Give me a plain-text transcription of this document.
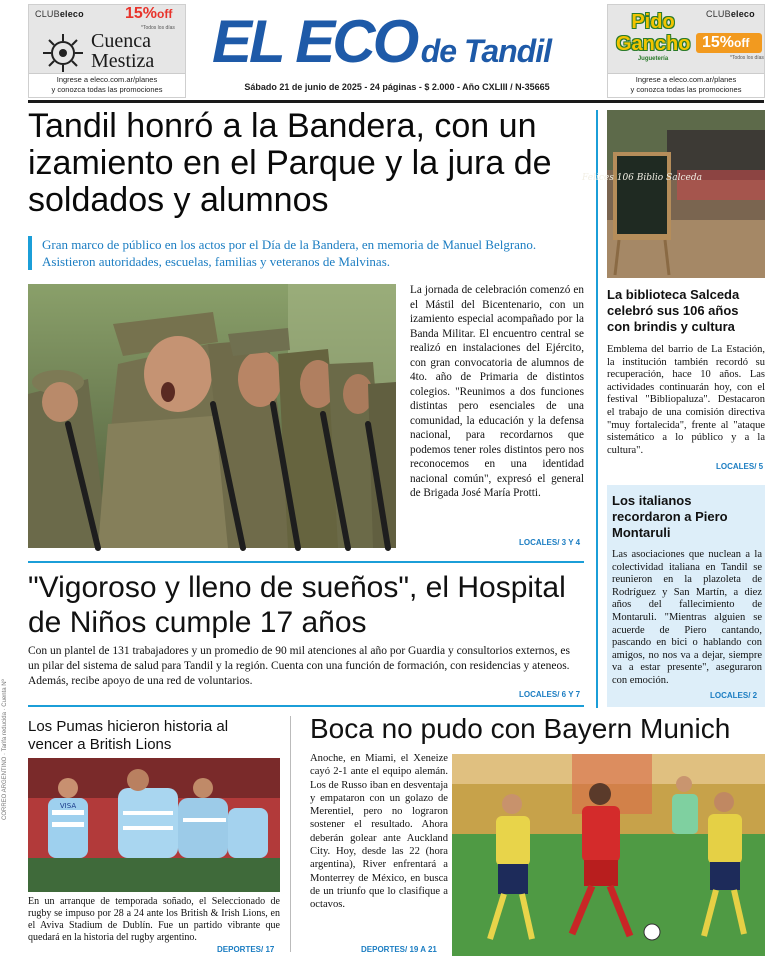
CLUBeleco	15%off
*Todos los días
Cuenca
Mestiza
Ingrese a eleco.com.ar/planes
y conozca todas las promociones
EL ECO de Tandil
Sábado 21 de junio de 2025 - 24 páginas - $ 2.000 - Año CXLIII / N-35665
CLUBeleco
Pido
Gancho
Juguetería
15%off
*Todos los días
Ingrese a eleco.com.ar/planes
y conozca todas las promociones
Tandil honró a la Bandera, con un izamiento en el Parque y la jura de soldados y alumnos
Gran marco de público en los actos por el Día de la Bandera, en memoria de Manuel Belgrano. Asistieron autoridades, escuelas, familias y veteranos de Malvinas.
La jornada de celebración comenzó en el Mástil del Bicentenario, con un izamiento especial acompañado por la Banda Militar. El encuentro central se realizó en instalaciones del Ejército, con gran convocatoria de alumnos de 4to. año de Primaria de distintos colegios. "Reunimos a dos funciones distintas pero esenciales de una comunidad, la educación y la defensa nacional, para recordarnos que podemos tener roles distintos pero nos reconocemos en una identidad nacional común", expresó el general de Brigada José María Protti.
LOCALES/ 3 Y 4
"Vigoroso y lleno de sueños", el Hospital de Niños cumple 17 años
Con un plantel de 131 trabajadores y un promedio de 90 mil atenciones al año por Guardia y consultorios externos, es un pilar del sistema de salud para Tandil y la región. Cuenta con una función de formación, con residencias y ateneos. Además, recibe apoyo de una red de voluntarios.
LOCALES/ 6 Y 7
Felices 106 Biblio Salceda
La biblioteca Salceda celebró sus 106 años con brindis y cultura
Emblema del barrio de La Estación, la institución también recordó su recuperación, hace 10 años. Las actividades continuarán hoy, con el festival "Bibliopaluza". Destacaron el trabajo de una comisión directiva "muy fortalecida", frente al "ataque sistemático a lo público y a la cultura".
LOCALES/ 5
Los italianos recordaron a Piero Montaruli
Las asociaciones que nuclean a la colectividad italiana en Tandil se reunieron en la plazoleta de Rodríguez y San Martín, a diez años del fallecimiento de Montaruli. "Mientras alguien se acuerde de Piero cantando, pascando en bici o hablando con amigos, no nos va a dejar, siempre va a estar presente", aseguraron con emoción.
LOCALES/ 2
Los Pumas hicieron historia al vencer a British Lions
VISA
En un arranque de temporada soñado, el Seleccionado de rugby se impuso por 28 a 24 ante los British & Irish Lions, en el Aviva Stadium de Dublín. Fue un partido vibrante que quedará en la historia del rugby argentino.
DEPORTES/ 17
Boca no pudo con Bayern Munich
Anoche, en Miami, el Xeneize cayó 2-1 ante el equipo alemán. Los de Russo iban en desventaja y empataron con un golazo de Merentiel, pero no lograron sostener el resultado. Ahora deberán golear ante Auckland City. Hoy, desde las 22 (hora argentina), River enfrentará a Monterrey de México, en busca de un triunfo que lo clasifique a octavos.
DEPORTES/ 19 A 21
CORREO ARGENTINO · Tarifa reducida · Cuenta Nº
